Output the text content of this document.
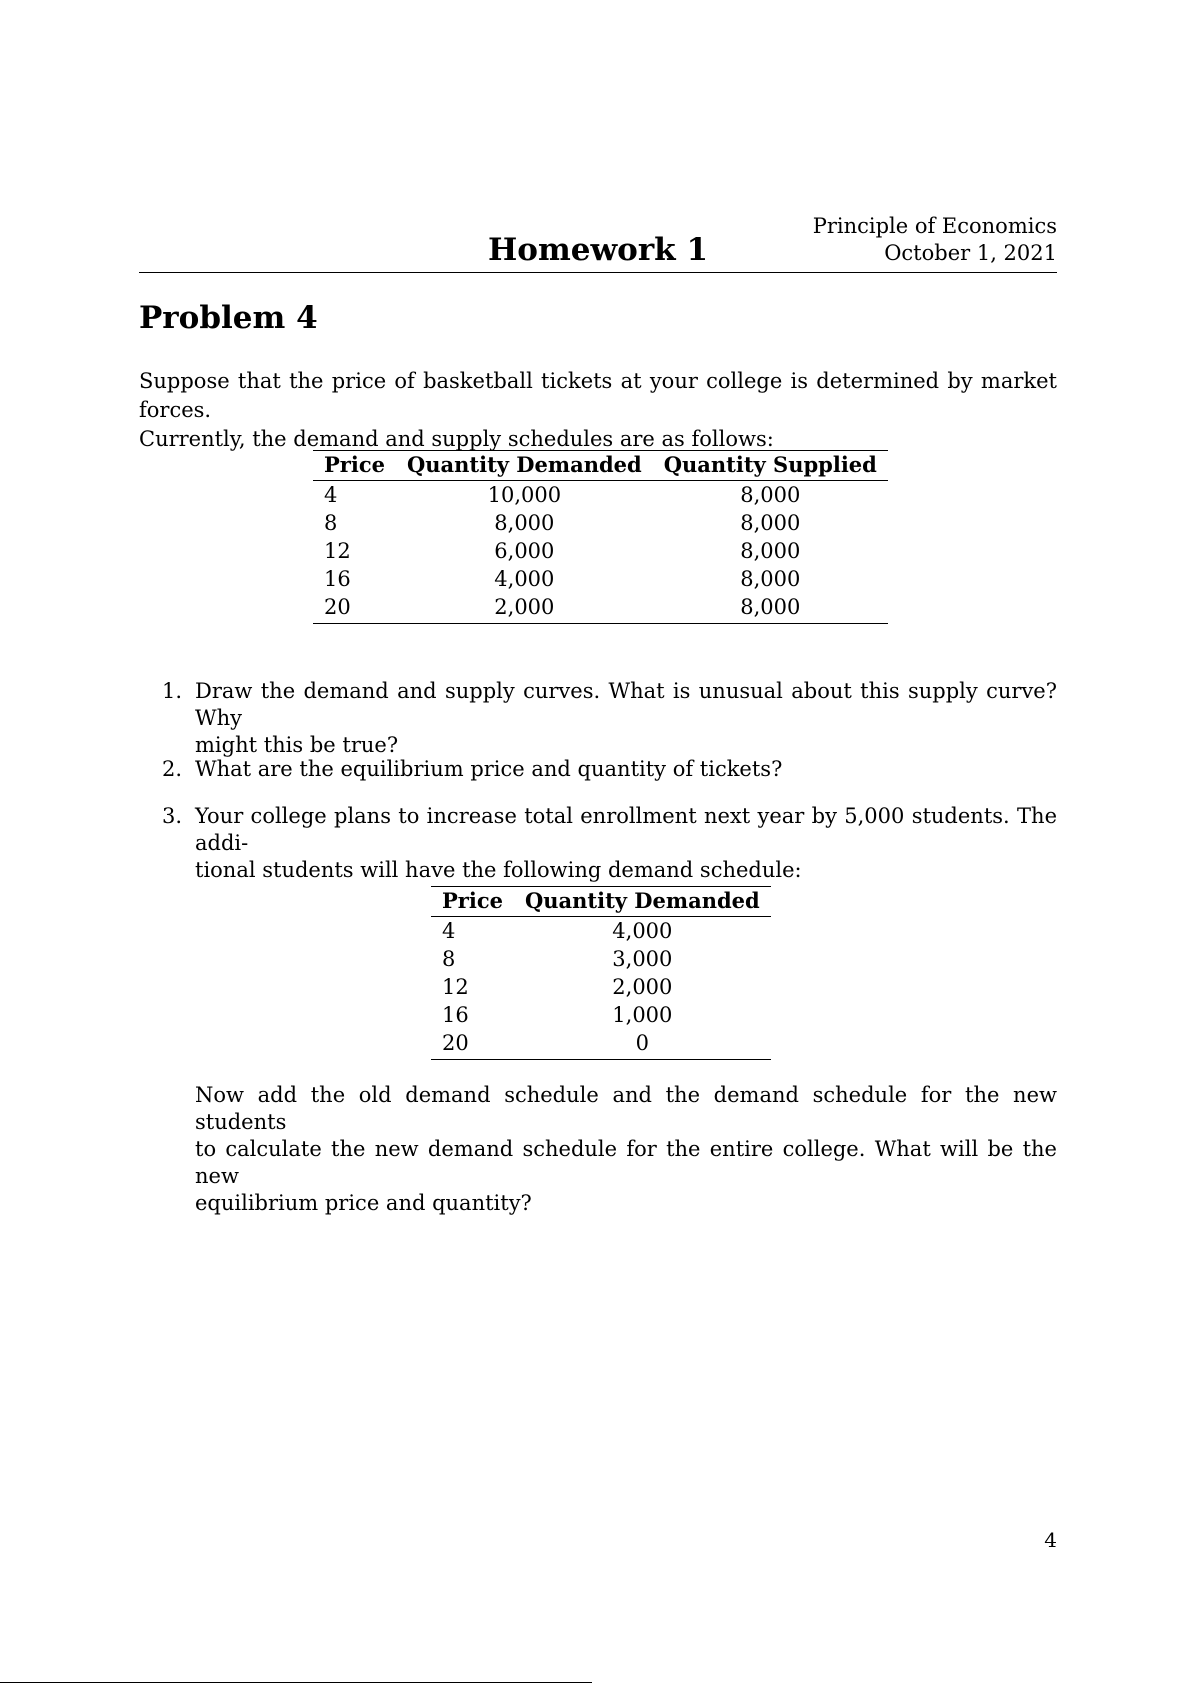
Homework 1
Principle of Economics
October 1, 2021
Problem 4
Suppose that the price of basketball tickets at your college is determined by market forces.
Currently, the demand and supply schedules are as follows:
Price	Quantity Demanded	Quantity Supplied
4	10,000	8,000
8	8,000	8,000
12	6,000	8,000
16	4,000	8,000
20	2,000	8,000
1. Draw the demand and supply curves. What is unusual about this supply curve? Why
might this be true?
2. What are the equilibrium price and quantity of tickets?
3. Your college plans to increase total enrollment next year by 5,000 students. The addi-
tional students will have the following demand schedule:
Price	Quantity Demanded
4	4,000
8	3,000
12	2,000
16	1,000
20	0
Now add the old demand schedule and the demand schedule for the new students
to calculate the new demand schedule for the entire college. What will be the new
equilibrium price and quantity?
4
